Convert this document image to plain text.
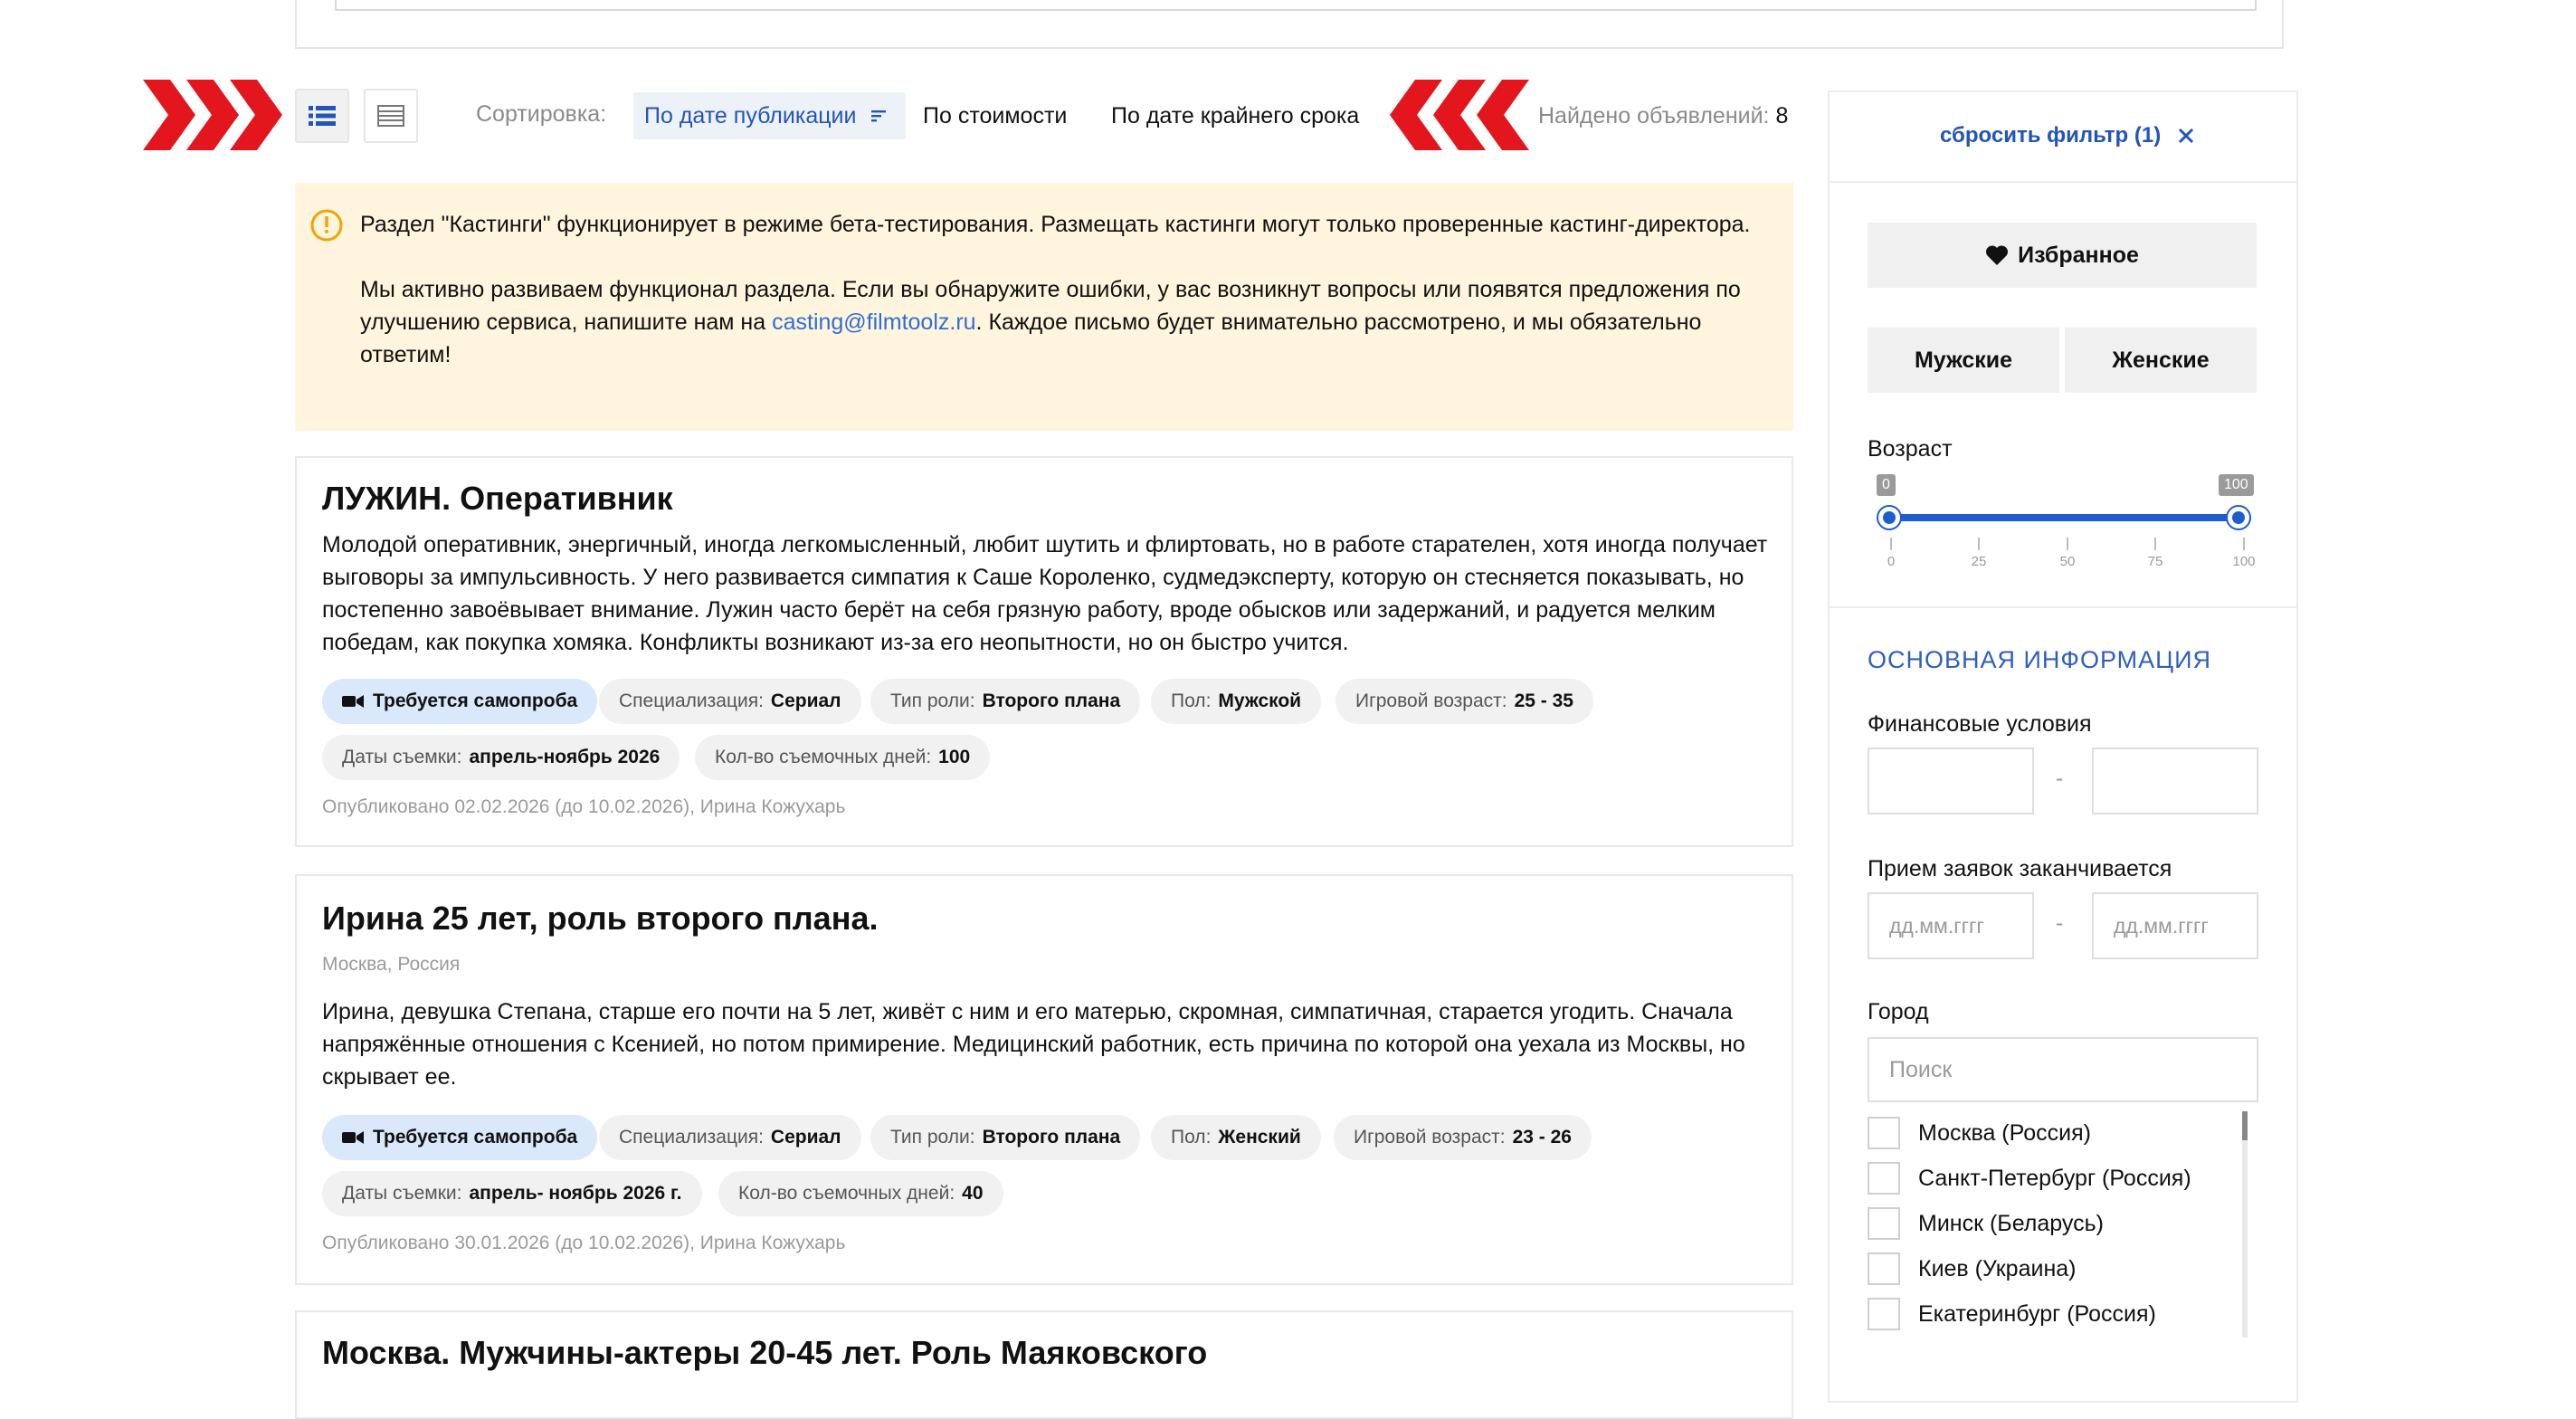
Сортировка: По дате публикации	По стоимости По дате крайнего срока	Найдено объявлений: 8

Раздел "Кастинги" функционирует в режиме бета-тестирования. Размещать кастинги могут только проверенные кастинг-директора.

Мы активно развиваем функционал раздела. Если вы обнаружите ошибки, у вас возникнут вопросы или появятся предложения по улучшению сервиса, напишите нам на casting@filmtoolz.ru. Каждое письмо будет внимательно рассмотрено, и мы обязательно ответим!

ЛУЖИН. Оперативник
Молодой оперативник, энергичный, иногда легкомысленный, любит шутить и флиртовать, но в работе старателен, хотя иногда получает выговоры за импульсивность. У него развивается симпатия к Саше Короленко, судмедэксперту, которую он стесняется показывать, но постепенно завоёвывает внимание. Лужин часто берёт на себя грязную работу, вроде обысков или задержаний, и радуется мелким победам, как покупка хомяка. Конфликты возникают из-за его неопытности, но он быстро учится.
Требуется самопроба Специализация: Сериал	Тип роли: Второго плана	Пол: Мужской	Игровой возраст: 25 - 35
Даты съемки: апрель-ноябрь 2026	Кол-во съемочных дней: 100
Опубликовано 02.02.2026 (до 10.02.2026), Ирина Кожухарь
Ирина 25 лет, роль второго плана.
Москва, Россия
Ирина, девушка Степана, старше его почти на 5 лет, живёт с ним и его матерью, скромная, симпатичная, старается угодить. Сначала напряжённые отношения с Ксенией, но потом примирение. Медицинский работник, есть причина по которой она уехала из Москвы, но скрывает ее.
Требуется самопроба Специализация: Сериал	Тип роли: Второго плана	Пол: Женский	Игровой возраст: 23 - 26
Даты съемки: апрель- ноябрь 2026 г.	Кол-во съемочных дней: 40
Опубликовано 30.01.2026 (до 10.02.2026), Ирина Кожухарь
Москва. Мужчины-актеры 20-45 лет. Роль Маяковского
сбросить фильтр (1)
Избранное
Мужские	Женские
Возраст
0	100
0	25	50	75	100
ОСНОВНАЯ ИНФОРМАЦИЯ
Финансовые условия
-
Прием заявок заканчивается
дд.мм.гггг	-	дд.мм.гггг
Город
Поиск
Москва (Россия)
Санкт-Петербург (Россия)
Минск (Беларусь)
Киев (Украина)
Екатеринбург (Россия)
